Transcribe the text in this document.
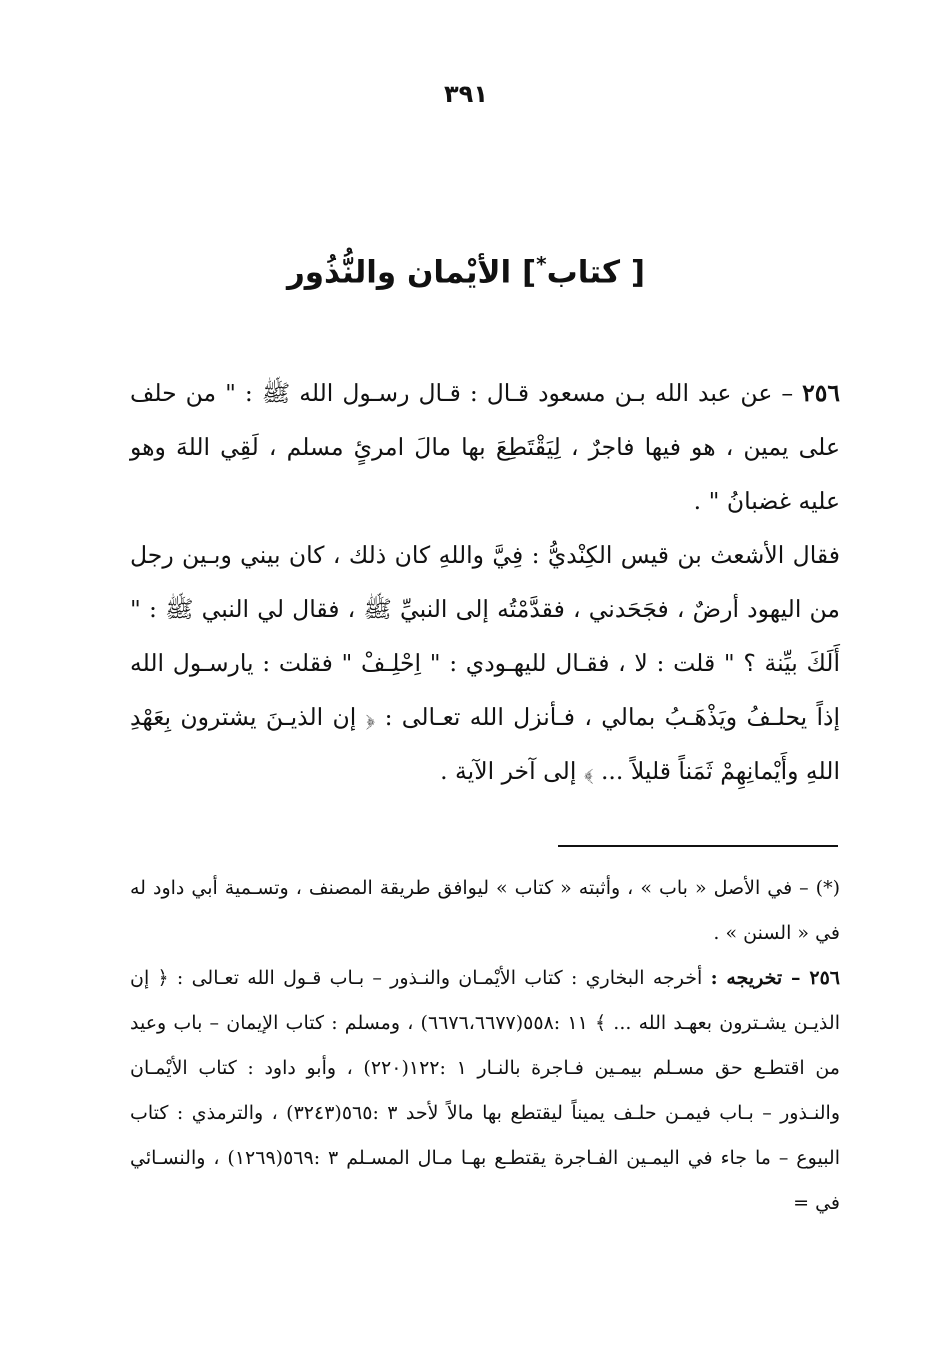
٣٩١
[ كتاب*] الأيْمان والنُّذُور

٢٥٦ – عن عبد الله بـن مسعود قـال : قـال رسـول الله ﷺ : " من حلف على يمين ، هو فيها فاجرٌ ، لِيَقْتَطِعَ بها مالَ امرئٍ مسلم ، لَقِي اللهَ وهو عليه غضبانُ " .

فقال الأشعث بن قيس الكِنْديُّ : فِيَّ واللهِ كان ذلك ، كان بيني وبـين رجل من اليهود أرضٌ ، فجَحَدني ، فقدَّمْتُه إلى النبيِّ ﷺ ، فقال لي النبي ﷺ : " أَلَكَ بيِّنة ؟ " قلت : لا ، فقـال لليهـودي : " اِحْلِـفْ " فقلت : يارسـول الله إذاً يحلـفُ ويَذْهَـبُ بمالي ، فـأنزل الله تعـالى : ﴿ إن الذيـنَ يشترون بِعَهْدِ اللهِ وأَيْمانِهِمْ ثَمَناً قليلاً ... ﴾ إلى آخر الآية .

(*) – في الأصل « باب » ، وأثبته « كتاب » ليوافق طريقة المصنف ، وتسـمية أبي داود له في « السنن » .

٢٥٦ – تخريجه : أخرجه البخاري : كتاب الأيْمـان والنـذور – بـاب قـول الله تعـالى : ﴿ إن الذيـن يشـترون بعهـد الله ... ﴾ ١١ :٥٥٨(٦٦٧٦،٦٦٧٧) ، ومسلم : كتاب الإيمان – باب وعيد من اقتطـع حق مسـلم بيمـين فـاجرة بالنـار ١ :١٢٢(٢٢٠) ، وأبو داود : كتاب الأيْمـان والنـذور – بـاب فيمـن حلـف يميناً ليقتطع بها مالاً لأحد ٣ :٥٦٥(٣٢٤٣) ، والترمذي : كتاب البيوع – ما جاء في اليمـين الفـاجرة يقتطـع بهـا مـال المسـلم ٣ :٥٦٩(١٢٦٩) ، والنسـائي في =
